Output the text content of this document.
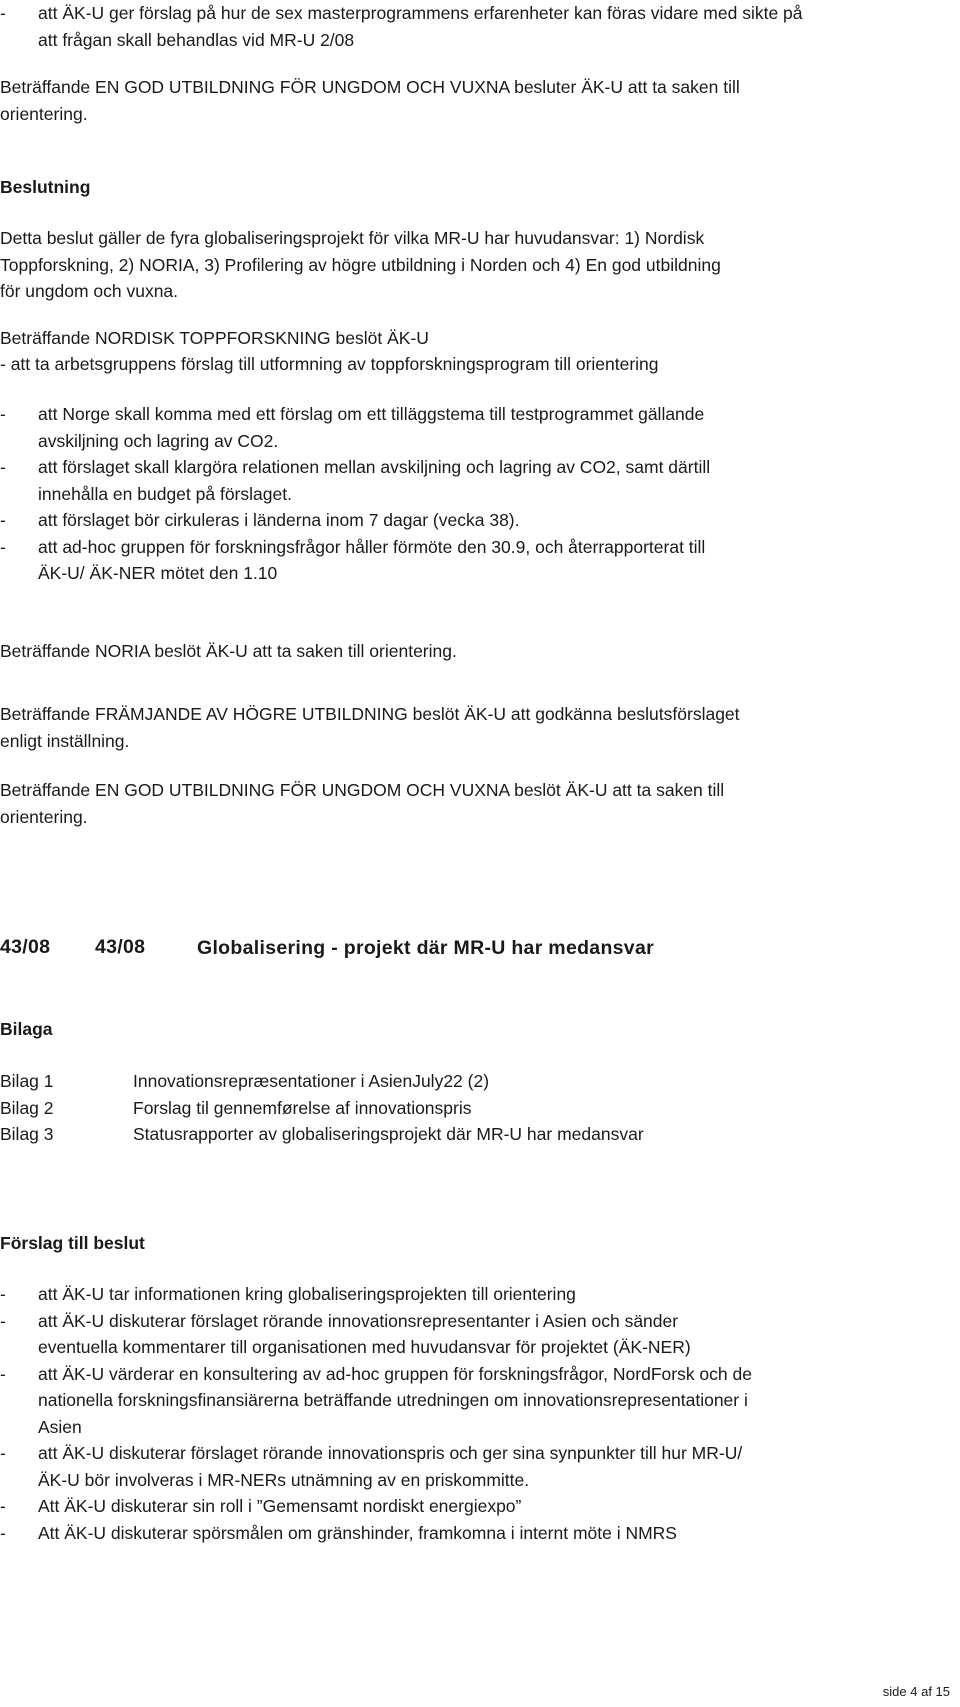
-	att ÄK-U ger förslag på hur de sex masterprogrammens erfarenheter kan föras vidare med sikte på att frågan skall behandlas vid MR-U 2/08
Beträffande EN GOD UTBILDNING FÖR UNGDOM OCH VUXNA besluter ÄK-U att ta saken till orientering.
Beslutning
Detta beslut gäller de fyra globaliseringsprojekt för vilka MR-U har huvudansvar: 1) Nordisk Toppforskning, 2) NORIA, 3) Profilering av högre utbildning i Norden och 4) En god utbildning för ungdom och vuxna.
Beträffande NORDISK TOPPFORSKNING beslöt ÄK-U
- att ta arbetsgruppens förslag till utformning av toppforskningsprogram till orientering
-	att Norge skall komma med ett förslag om ett tilläggstema till testprogrammet gällande avskiljning och lagring av CO2.
-	att förslaget skall klargöra relationen mellan avskiljning och lagring av CO2, samt därtill innehålla en budget på förslaget.
-	att förslaget bör cirkuleras i länderna inom 7 dagar (vecka 38).
-	att ad-hoc gruppen för forskningsfrågor håller förmöte den 30.9, och återrapporterat till ÄK-U/ ÄK-NER mötet den 1.10
Beträffande NORIA beslöt ÄK-U att ta saken till orientering.
Beträffande FRÄMJANDE AV HÖGRE UTBILDNING beslöt ÄK-U att godkänna beslutsförslaget enligt inställning.
Beträffande EN GOD UTBILDNING FÖR UNGDOM OCH VUXNA beslöt ÄK-U att ta saken till orientering.
43/08	43/08	Globalisering - projekt där MR-U har medansvar
Bilaga
Bilag 1	Innovationsrepræsentationer i AsienJuly22 (2)
Bilag 2	Forslag til gennemførelse af innovationspris
Bilag 3	Statusrapporter av globaliseringsprojekt där MR-U har medansvar
Förslag till beslut
-	att ÄK-U tar informationen kring globaliseringsprojekten till orientering
-	att ÄK-U diskuterar förslaget rörande innovationsrepresentanter i Asien och sänder eventuella kommentarer till organisationen med huvudansvar för projektet (ÄK-NER)
-	att ÄK-U värderar en konsultering av ad-hoc gruppen för forskningsfrågor, NordForsk och de nationella forskningsfinansiärerna beträffande utredningen om innovationsrepresentationer i Asien
-	att ÄK-U diskuterar förslaget rörande innovationspris och ger sina synpunkter till hur MR-U/ÄK-U bör involveras i MR-NERs utnämning av en priskommitte.
-	Att ÄK-U diskuterar sin roll i ”Gemensamt nordiskt energiexpo”
-	Att ÄK-U diskuterar spörsmålen om gränshinder, framkomna i internt möte i NMRS
side 4 af 15
